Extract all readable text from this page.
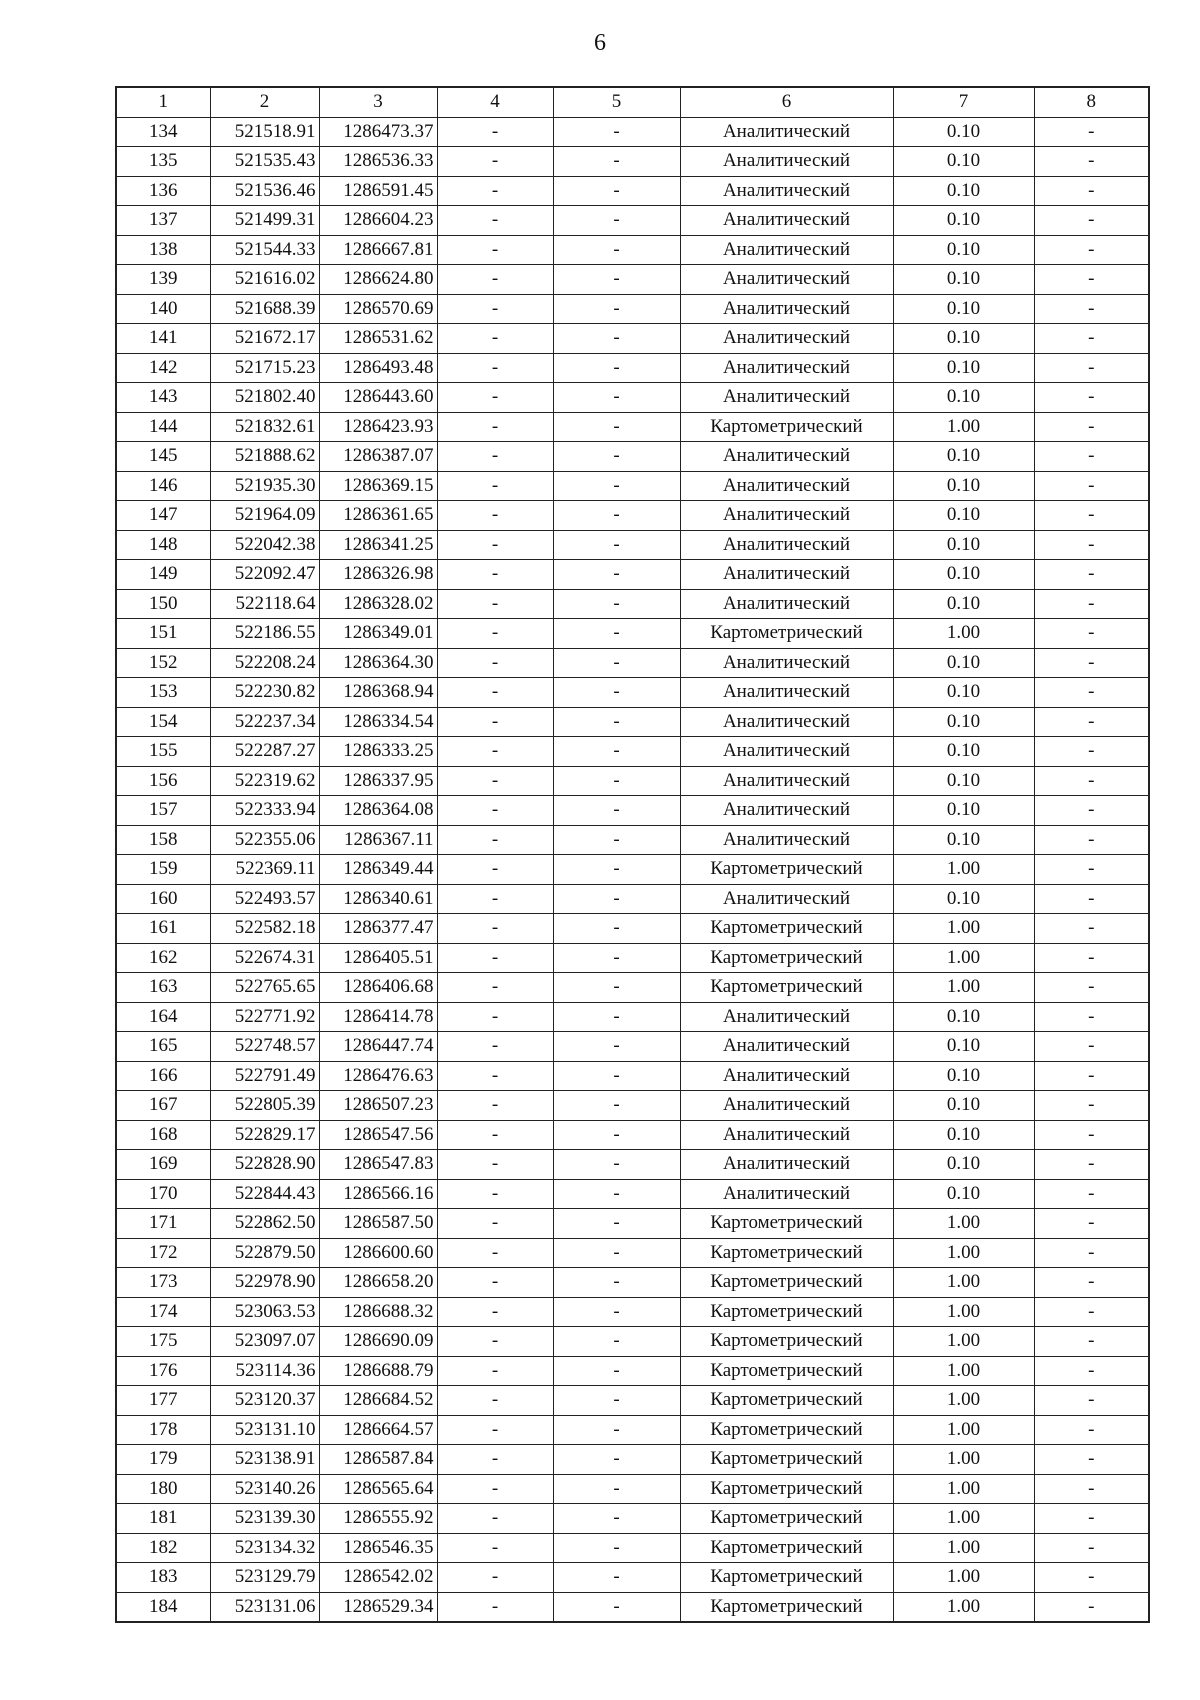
6
1	2	3	4	5	6	7	8
134	521518.91	1286473.37	-	-	Аналитический	0.10	-
135	521535.43	1286536.33	-	-	Аналитический	0.10	-
136	521536.46	1286591.45	-	-	Аналитический	0.10	-
137	521499.31	1286604.23	-	-	Аналитический	0.10	-
138	521544.33	1286667.81	-	-	Аналитический	0.10	-
139	521616.02	1286624.80	-	-	Аналитический	0.10	-
140	521688.39	1286570.69	-	-	Аналитический	0.10	-
141	521672.17	1286531.62	-	-	Аналитический	0.10	-
142	521715.23	1286493.48	-	-	Аналитический	0.10	-
143	521802.40	1286443.60	-	-	Аналитический	0.10	-
144	521832.61	1286423.93	-	-	Картометрический	1.00	-
145	521888.62	1286387.07	-	-	Аналитический	0.10	-
146	521935.30	1286369.15	-	-	Аналитический	0.10	-
147	521964.09	1286361.65	-	-	Аналитический	0.10	-
148	522042.38	1286341.25	-	-	Аналитический	0.10	-
149	522092.47	1286326.98	-	-	Аналитический	0.10	-
150	522118.64	1286328.02	-	-	Аналитический	0.10	-
151	522186.55	1286349.01	-	-	Картометрический	1.00	-
152	522208.24	1286364.30	-	-	Аналитический	0.10	-
153	522230.82	1286368.94	-	-	Аналитический	0.10	-
154	522237.34	1286334.54	-	-	Аналитический	0.10	-
155	522287.27	1286333.25	-	-	Аналитический	0.10	-
156	522319.62	1286337.95	-	-	Аналитический	0.10	-
157	522333.94	1286364.08	-	-	Аналитический	0.10	-
158	522355.06	1286367.11	-	-	Аналитический	0.10	-
159	522369.11	1286349.44	-	-	Картометрический	1.00	-
160	522493.57	1286340.61	-	-	Аналитический	0.10	-
161	522582.18	1286377.47	-	-	Картометрический	1.00	-
162	522674.31	1286405.51	-	-	Картометрический	1.00	-
163	522765.65	1286406.68	-	-	Картометрический	1.00	-
164	522771.92	1286414.78	-	-	Аналитический	0.10	-
165	522748.57	1286447.74	-	-	Аналитический	0.10	-
166	522791.49	1286476.63	-	-	Аналитический	0.10	-
167	522805.39	1286507.23	-	-	Аналитический	0.10	-
168	522829.17	1286547.56	-	-	Аналитический	0.10	-
169	522828.90	1286547.83	-	-	Аналитический	0.10	-
170	522844.43	1286566.16	-	-	Аналитический	0.10	-
171	522862.50	1286587.50	-	-	Картометрический	1.00	-
172	522879.50	1286600.60	-	-	Картометрический	1.00	-
173	522978.90	1286658.20	-	-	Картометрический	1.00	-
174	523063.53	1286688.32	-	-	Картометрический	1.00	-
175	523097.07	1286690.09	-	-	Картометрический	1.00	-
176	523114.36	1286688.79	-	-	Картометрический	1.00	-
177	523120.37	1286684.52	-	-	Картометрический	1.00	-
178	523131.10	1286664.57	-	-	Картометрический	1.00	-
179	523138.91	1286587.84	-	-	Картометрический	1.00	-
180	523140.26	1286565.64	-	-	Картометрический	1.00	-
181	523139.30	1286555.92	-	-	Картометрический	1.00	-
182	523134.32	1286546.35	-	-	Картометрический	1.00	-
183	523129.79	1286542.02	-	-	Картометрический	1.00	-
184	523131.06	1286529.34	-	-	Картометрический	1.00	-
